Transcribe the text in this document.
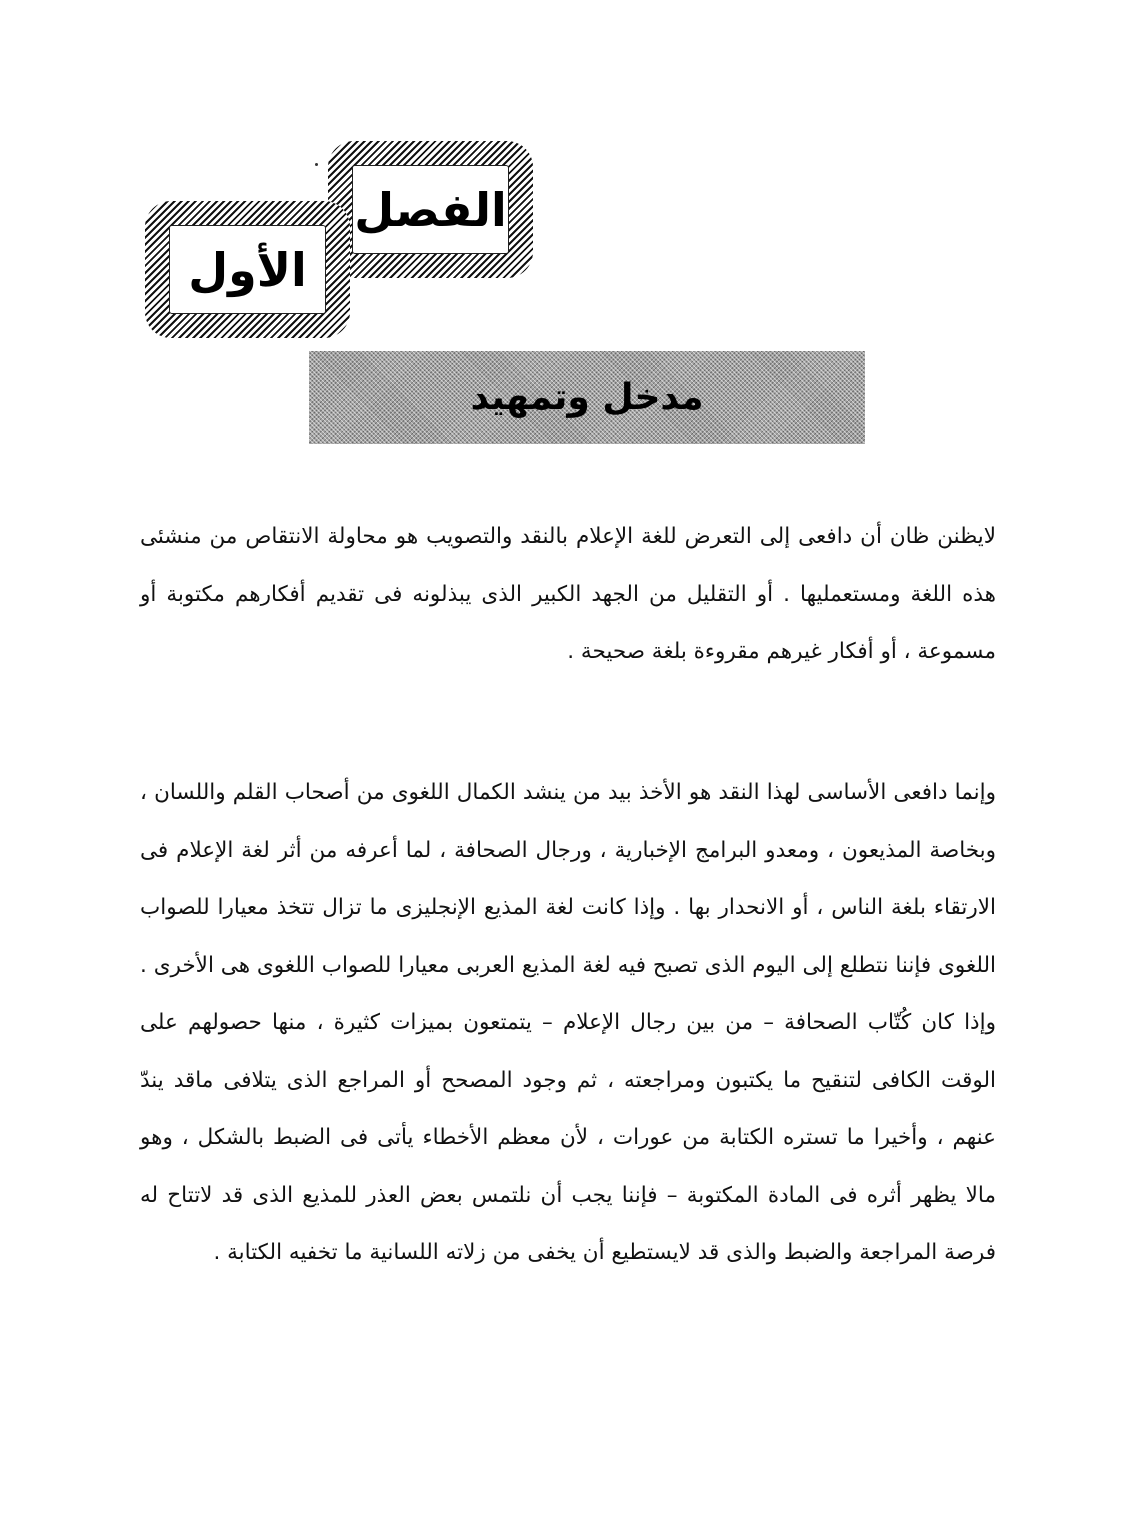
الفصل
الأول
مدخل وتمهيد

لايظنن ظان أن دافعى إلى التعرض للغة الإعلام بالنقد والتصويب هو محاولة الانتقاص من منشئى هذه اللغة ومستعمليها . أو التقليل من الجهد الكبير الذى يبذلونه فى تقديم أفكارهم مكتوبة أو مسموعة ، أو أفكار غيرهم مقروءة بلغة صحيحة .

وإنما دافعى الأساسى لهذا النقد هو الأخذ بيد من ينشد الكمال اللغوى من أصحاب القلم واللسان ، وبخاصة المذيعون ، ومعدو البرامج الإخبارية ، ورجال الصحافة ، لما أعرفه من أثر لغة الإعلام فى الارتقاء بلغة الناس ، أو الانحدار بها . وإذا كانت لغة المذيع الإنجليزى ما تزال تتخذ معيارا للصواب اللغوى فإننا نتطلع إلى اليوم الذى تصبح فيه لغة المذيع العربى معيارا للصواب اللغوى هى الأخرى . وإذا كان كُتّاب الصحافة – من بين رجال الإعلام – يتمتعون بميزات كثيرة ، منها حصولهم على الوقت الكافى لتنقيح ما يكتبون ومراجعته ، ثم وجود المصحح أو المراجع الذى يتلافى ماقد يندّ عنهم ، وأخيرا ما تستره الكتابة من عورات ، لأن معظم الأخطاء يأتى فى الضبط بالشكل ، وهو مالا يظهر أثره فى المادة المكتوبة – فإننا يجب أن نلتمس بعض العذر للمذيع الذى قد لاتتاح له فرصة المراجعة والضبط والذى قد لايستطيع أن يخفى من زلاته اللسانية ما تخفيه الكتابة .
